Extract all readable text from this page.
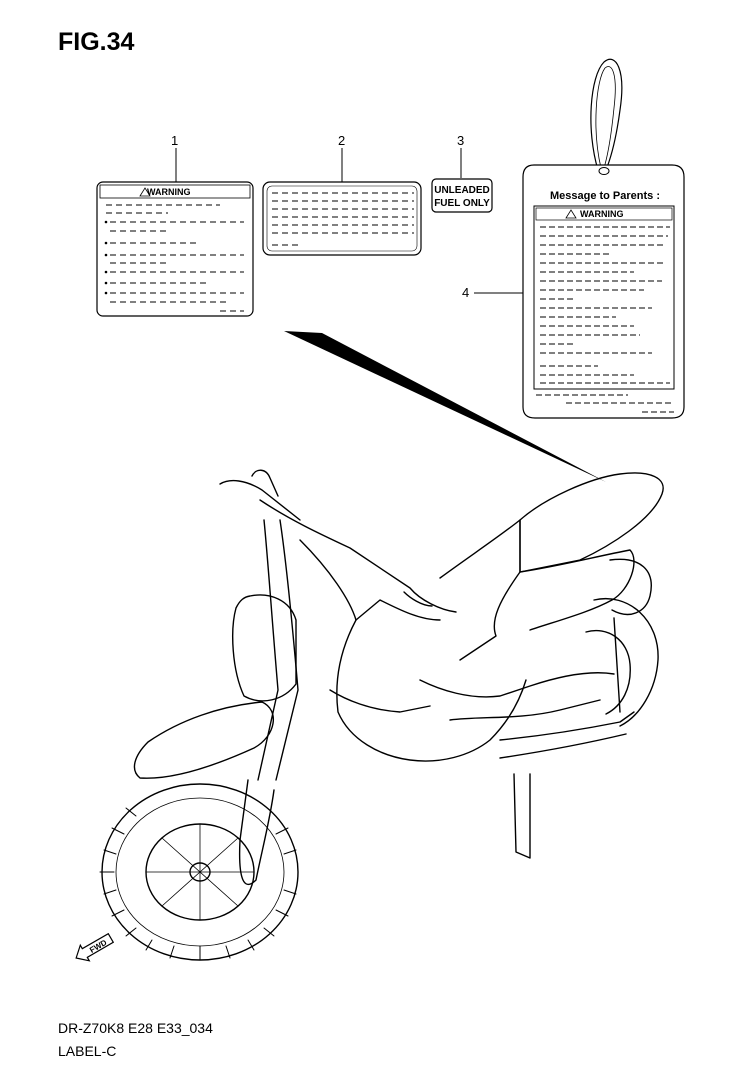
FIG.34
WARNING	UNLEADED
FUEL ONLY
Message to Parents :
WARNING
FWD
1	2	3
4
DR-Z70K8 E28 E33_034
LABEL-C
